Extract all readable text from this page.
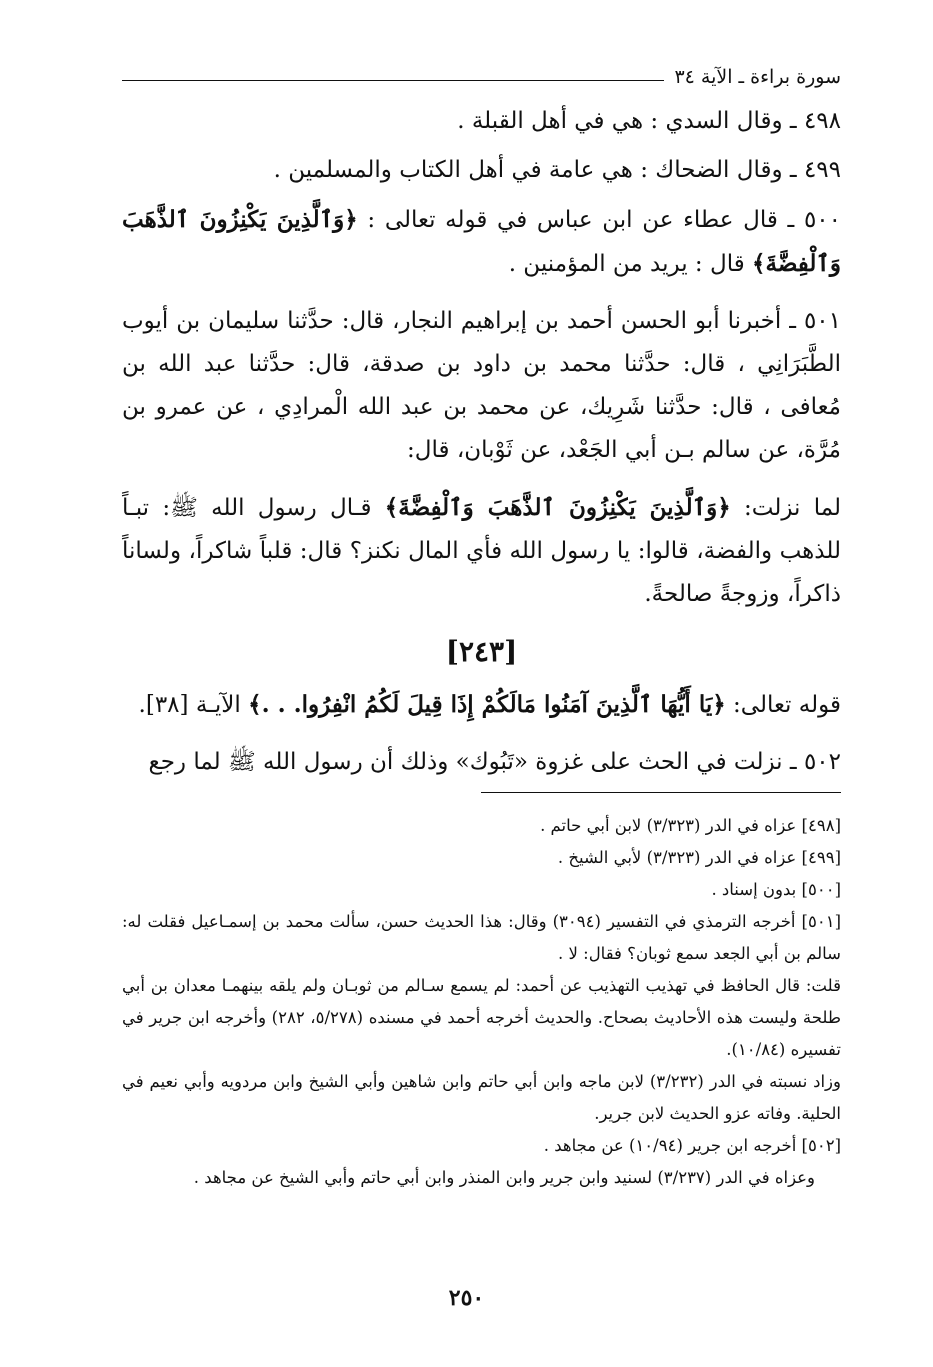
سورة براءة ـ الآية ٣٤

٤٩٨ ـ وقال السدي : هي في أهل القبلة .

٤٩٩ ـ وقال الضحاك : هي عامة في أهل الكتاب والمسلمين .

٥٠٠ ـ قال عطاء عن ابن عباس في قوله تعالى : ﴿وَٱلَّذِينَ يَكْنِزُونَ ٱلذَّهَبَ وَٱلْفِضَّةَ﴾ قال : يريد من المؤمنين .

٥٠١ ـ أخبرنا أبو الحسن أحمد بن إبراهيم النجار، قال: حدَّثنا سليمان بن أيوب الطَّبَرَانِي ، قال: حدَّثنا محمد بن داود بن صدقة، قال: حدَّثنا عبد الله بن مُعافى ، قال: حدَّثنا شَرِيك، عن محمد بن عبد الله الْمرادِي ، عن عمرو بن مُرَّة، عن سالم بـن أبي الجَعْد، عن ثَوْبان، قال:

لما نزلت: ﴿وَٱلَّذِينَ يَكْنِزُونَ ٱلذَّهَبَ وَٱلْفِضَّةَ﴾ قـال رسول الله ﷺ: تبـاً للذهب والفضة، قالوا: يا رسول الله فأي المال نكنز؟ قال: قلباً شاكراً، ولساناً ذاكراً، وزوجةً صالحةً.

[٢٤٣]

قوله تعالى: ﴿يَا أَيُّهَا ٱلَّذِينَ آمَنُوا مَالَكُمْ إِذَا قِيلَ لَكُمُ انْفِرُوا. . .﴾ الآيـة [٣٨].

٥٠٢ ـ نزلت في الحث على غزوة «تَبُوك» وذلك أن رسول الله ﷺ لما رجع

[٤٩٨] عزاه في الدر (٣/٣٢٣) لابن أبي حاتم .

[٤٩٩] عزاه في الدر (٣/٣٢٣) لأبي الشيخ .

[٥٠٠] بدون إسناد .

[٥٠١] أخرجه الترمذي في التفسير (٣٠٩٤) وقال: هذا الحديث حسن، سألت محمد بن إسمـاعيل فقلت له: سالم بن أبي الجعد سمع ثوبان؟ فقال: لا .

قلت: قال الحافظ في تهذيب التهذيب عن أحمد: لم يسمع سـالم من ثوبـان ولم يلقه بينهمـا معدان بن أبي طلحة وليست هذه الأحاديث بصحاح. والحديث أخرجه أحمد في مسنده (٥/٢٧٨، ٢٨٢) وأخرجه ابن جرير في تفسيره (١٠/٨٤).

وزاد نسبته في الدر (٣/٢٣٢) لابن ماجه وابن أبي حاتم وابن شاهين وأبي الشيخ وابن مردويه وأبي نعيم في الحلية. وفاته عزو الحديث لابن جرير.

[٥٠٢] أخرجه ابن جرير (١٠/٩٤) عن مجاهد .

وعزاه في الدر (٣/٢٣٧) لسنيد وابن جرير وابن المنذر وابن أبي حاتم وأبي الشيخ عن مجاهد .

٢٥٠
